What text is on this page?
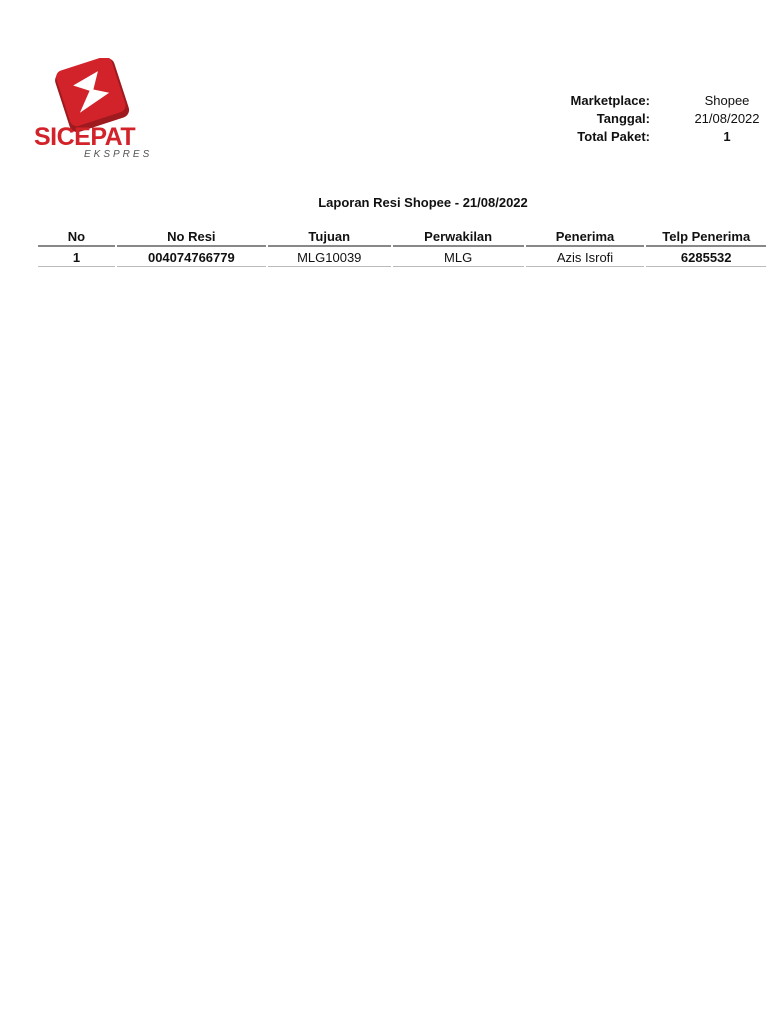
SICEPAT
EKSPRES
Marketplace:	Shopee
Tanggal:	21/08/2022
Total Paket:	1
Laporan Resi Shopee - 21/08/2022
No	No Resi	Tujuan	Perwakilan	Penerima	Telp Penerima
1	004074766779	MLG10039	MLG	Azis Isrofi	6285532
